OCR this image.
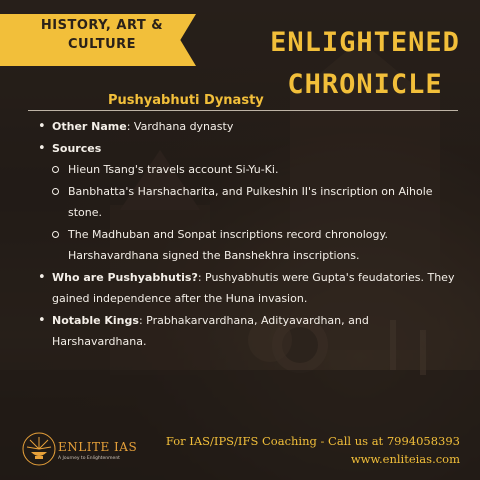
HISTORY, ART &
CULTURE	ENLIGHTENED
CHRONICLE
Pushyabhuti Dynasty
• Other Name: Vardhana dynasty
• Sources
Hieun Tsang's travels account Si-Yu-Ki.
Banbhatta's Harshacharita, and Pulkeshin II's inscription on Aihole
stone.
The Madhuban and Sonpat inscriptions record chronology.
Harshavardhana signed the Banshekhra inscriptions.
• Who are Pushyabhutis?: Pushyabhutis were Gupta's feudatories. They
gained independence after the Huna invasion.
• Notable Kings: Prabhakarvardhana, Adityavardhan, and Harshavardhana.
ENLITE IAS
A Journey to Enlightenment
For IAS/IPS/IFS Coaching - Call us at 7994058393
www.enliteias.com
